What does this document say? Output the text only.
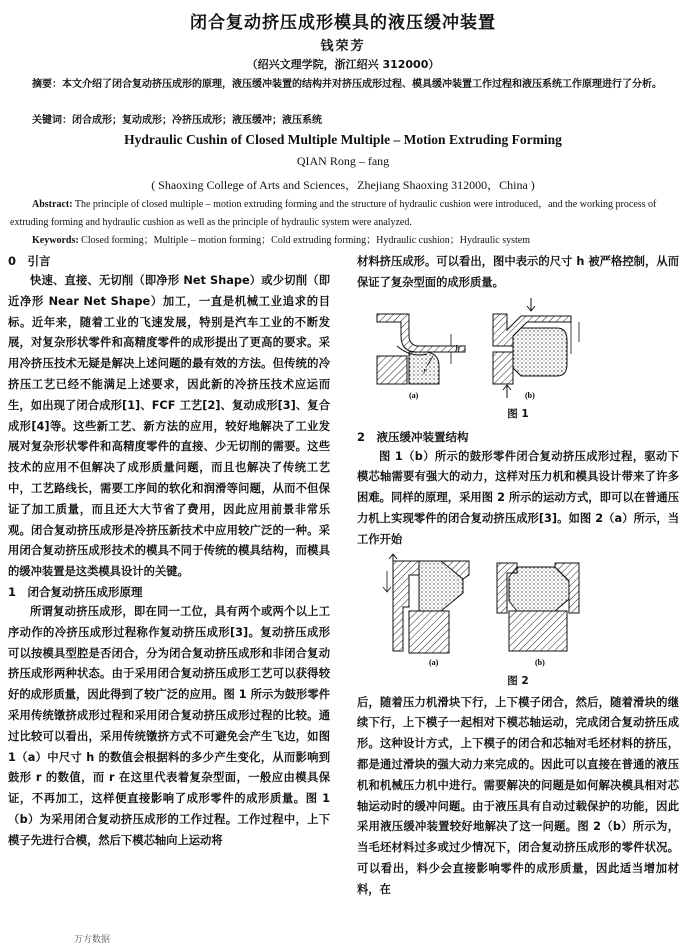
闭合复动挤压成形模具的液压缓冲装置
钱荣芳
（绍兴文理学院，浙江绍兴 312000）
摘要：本文介绍了闭合复动挤压成形的原理，液压缓冲装置的结构并对挤压成形过程、模具缓冲装置工作过程和液压系统工作原理进行了分析。
关键词：闭合成形；复动成形；冷挤压成形；液压缓冲；液压系统
Hydraulic Cushin of Closed Multiple Multiple – Motion Extruding Forming
QIAN Rong – fang
( Shaoxing College of Arts and Sciences，Zhejiang Shaoxing 312000，China )
Abstract: The principle of closed multiple – motion extruding forming and the structure of hydraulic cushion were introduced，and the working process of extruding forming and hydraulic cushion as well as the principle of hydraulic system were analyzed.
Keywords: Closed forming；Multiple – motion forming；Cold extruding forming；Hydraulic cushion；Hydraulic system
0　引言

快速、直接、无切削（即净形 Net Shape）或少切削（即近净形 Near Net Shape）加工，一直是机械工业追求的目标。近年来，随着工业的飞速发展，特别是汽车工业的不断发展，对复杂形状零件和高精度零件的成形提出了更高的要求。采用冷挤压技术无疑是解决上述问题的最有效的方法。但传统的冷挤压工艺已经不能满足上述要求，因此新的冷挤压技术应运而生，如出现了闭合成形[1]、FCF 工艺[2]、复动成形[3]、复合成形[4]等。这些新工艺、新方法的应用，较好地解决了工业发展对复杂形状零件和高精度零件的直接、少无切削的需要。这些技术的应用不但解决了成形质量问题，而且也解决了传统工艺中，工艺路线长，需要工序间的软化和润滑等问题，从而不但保证了加工质量，而且还大大节省了费用，因此应用前景非常乐观。闭合复动挤压成形是冷挤压新技术中应用较广泛的一种。采用闭合复动挤压成形技术的模具不同于传统的模具结构，而模具的缓冲装置是这类模具设计的关键。

1　闭合复动挤压成形原理

所谓复动挤压成形，即在同一工位，具有两个或两个以上工序动作的冷挤压成形过程称作复动挤压成形[3]。复动挤压成形可以按模具型腔是否闭合，分为闭合复动挤压成形和非闭合复动挤压成形两种状态。由于采用闭合复动挤压成形工艺可以获得较好的成形质量，因此得到了较广泛的应用。图 1 所示为鼓形零件采用传统镦挤成形过程和采用闭合复动挤压成形过程的比较。通过比较可以看出，采用传统镦挤方式不可避免会产生飞边，如图 1（a）中尺寸 h 的数值会根据料的多少产生变化，从而影响到鼓形 r 的数值，而 r 在这里代表着复杂型面，一般应由模具保证，不再加工，这样便直接影响了成形零件的成形质量。图 1（b）为采用闭合复动挤压成形的工作过程。工作过程中，上下模子先进行合模，然后下模芯轴向上运动将

材料挤压成形。可以看出，图中表示的尺寸 h 被严格控制，从而保证了复杂型面的成形质量。

h
r
(a)	(b)
图 1
2　液压缓冲装置结构

图 1（b）所示的鼓形零件闭合复动挤压成形过程，驱动下模芯轴需要有强大的动力，这样对压力机和模具设计带来了许多困难。同样的原理，采用图 2 所示的运动方式，即可以在普通压力机上实现零件的闭合复动挤压成形[3]。如图 2（a）所示，当工作开始

(a)	(b)
图 2

后，随着压力机滑块下行，上下模子闭合，然后，随着滑块的继续下行，上下模子一起相对下模芯轴运动，完成闭合复动挤压成形。这种设计方式，上下模子的闭合和芯轴对毛坯材料的挤压，都是通过滑块的强大动力来完成的。因此可以直接在普通的液压机和机械压力机中进行。需要解决的问题是如何解决模具相对芯轴运动时的缓冲问题。由于液压具有自动过载保护的功能，因此采用液压缓冲装置较好地解决了这一问题。图 2（b）所示为，当毛坯材料过多或过少情况下，闭合复动挤压成形的零件状况。可以看出，料少会直接影响零件的成形质量，因此适当增加材料，在

万方数据
